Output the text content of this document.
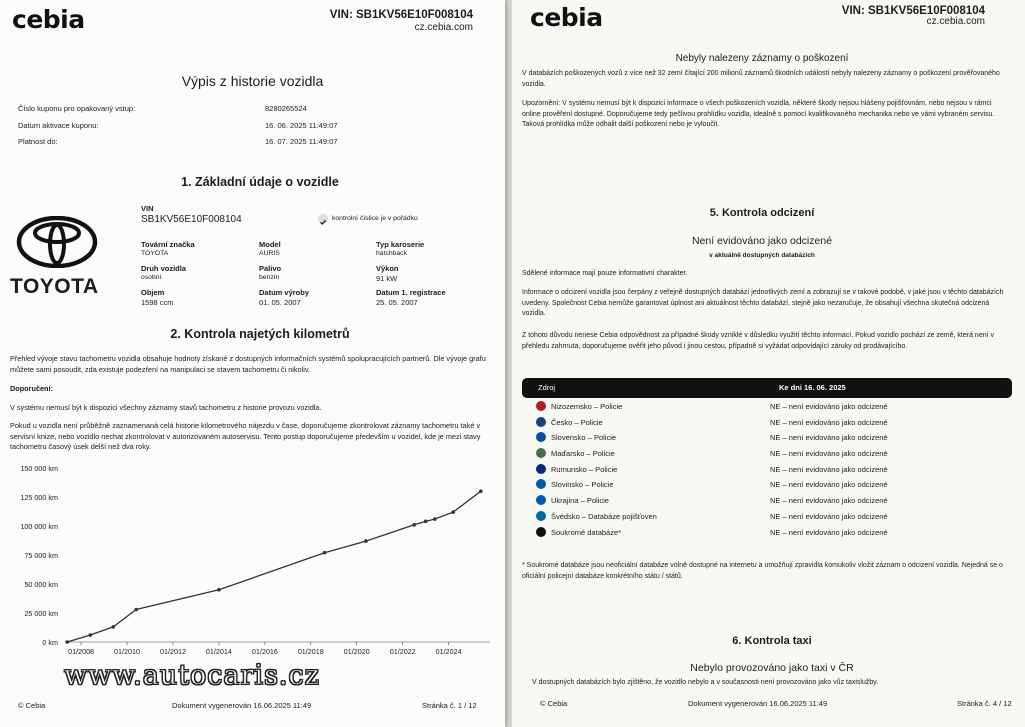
cebia	VIN: SB1KV56E10F008104
cz.cebia.com
Výpis z historie vozidla
Číslo kuponu pro opakovaný vstup:	8280265524
Datum aktivace kuponu:	16. 06. 2025 11:49:07
Platnost do:	16. 07. 2025 11:49:07
1. Základní údaje o vozidle
TOYOTA
VIN
SB1KV56E10F008104	kontrolní číslice je v pořádku
Tovární značka
TOYOTA
Model
AURIS
Typ karoserie
hatchback
Druh vozidla
osobní
Palivo
benzín
Výkon
91 kW
Objem
1598 ccm
Datum výroby
01. 05. 2007
Datum 1. registrace
25. 05. 2007
2. Kontrola najetých kilometrů
Přehled vývoje stavu tachometru vozidla obsahuje hodnoty získané z dostupných informačních systémů spolupracujících partnerů. Dle vývoje grafu můžete sami posoudit, zda existuje podezření na manipulaci se stavem tachometru či nikoliv.
Doporučení:
V systému nemusí být k dispozici všechny záznamy stavů tachometru z historie provozu vozidla.
Pokud u vozidla není průběžně zaznamenaná celá historie kilometrového nájezdu v čase, doporučujeme zkontrolovat záznamy tachometru také v servisní knize, nebo vozidlo nechat zkontrolovat v autorizovaném autoservisu. Tento postup doporučujeme především u vozidel, kde je mezi stavy tachometru časový úsek delší než dva roky.
150 000 km
125 000 km
100 000 km
75 000 km
50 000 km
25 000 km
0 km
01/2008	01/2010	01/2012	01/2014	01/2016	01/2018	01/2020	01/2022	01/2024
www.autocaris.cz
© Cebia	Dokument vygenerován 16.06.2025 11:49	Stránka č. 1 / 12
cebia	VIN: SB1KV56E10F008104
cz.cebia.com
Nebyly nalezeny záznamy o poškození
V databázích poškozených vozů z více než 32 zemí čítající 200 milionů záznamů škodních událostí nebyly nalezeny záznamy o poškození prověřovaného vozidla.
Upozornění: V systému nemusí být k dispozici informace o všech poškozeních vozidla, některé škody nejsou hlášeny pojišťovnám, nebo nejsou v rámci online prověření dostupné. Doporučujeme tedy pečlivou prohlídku vozidla, ideálně s pomocí kvalifikovaného mechanika nebo ve vámi vybraném servisu. Taková prohlídka může odhalit další poškození nebo je vyloučit.
5. Kontrola odcizení
Není evidováno jako odcizené
v aktuálně dostupných databázích
Sdělené informace mají pouze informativní charakter.
Informace o odcizení vozidla jsou čerpány z veřejně dostupných databází jednotlivých zemí a zobrazují se v takové podobě, v jaké jsou v těchto databázích uvedeny. Společnost Cebia nemůže garantovat úplnost ani aktuálnost těchto databází, stejně jako nezaručuje, že obsahují všechna skutečná odcizená vozidla.
Z tohoto důvodu nenese Cebia odpovědnost za případné škody vzniklé v důsledku využití těchto informací. Pokud vozidlo pochází ze země, která není v přehledu zahrnuta, doporučujeme ověřit jeho původ i jinou cestou, případně si vyžádat odpovídající záruky od prodávajícího.
Zdroj	Ke dni 16. 06. 2025
Nizozemsko – Policie	NE – není evidováno jako odcizené
Česko – Policie	NE – není evidováno jako odcizené
Slovensko – Policie	NE – není evidováno jako odcizené
Maďarsko – Policie	NE – není evidováno jako odcizené
Rumunsko – Policie	NE – není evidováno jako odcizené
Slovinsko – Policie	NE – není evidováno jako odcizené
Ukrajina – Policie	NE – není evidováno jako odcizené
Švédsko – Databáze pojišťoven	NE – není evidováno jako odcizené
Soukromé databáze*	NE – není evidováno jako odcizené
* Soukromé databáze jsou neoficiální databáze volně dostupné na internetu a umožňují zpravidla komukoliv vložit záznam o odcizení vozidla. Nejedná se o oficiální policejní databáze konkrétního státu / států.
6. Kontrola taxi
Nebylo provozováno jako taxi v ČR
V dostupných databázích bylo zjištěno, že vozidlo nebylo a v současnosti není provozováno jako vůz taxislužby.
© Cebia	Dokument vygenerován 16.06.2025 11:49	Stránka č. 4 / 12
